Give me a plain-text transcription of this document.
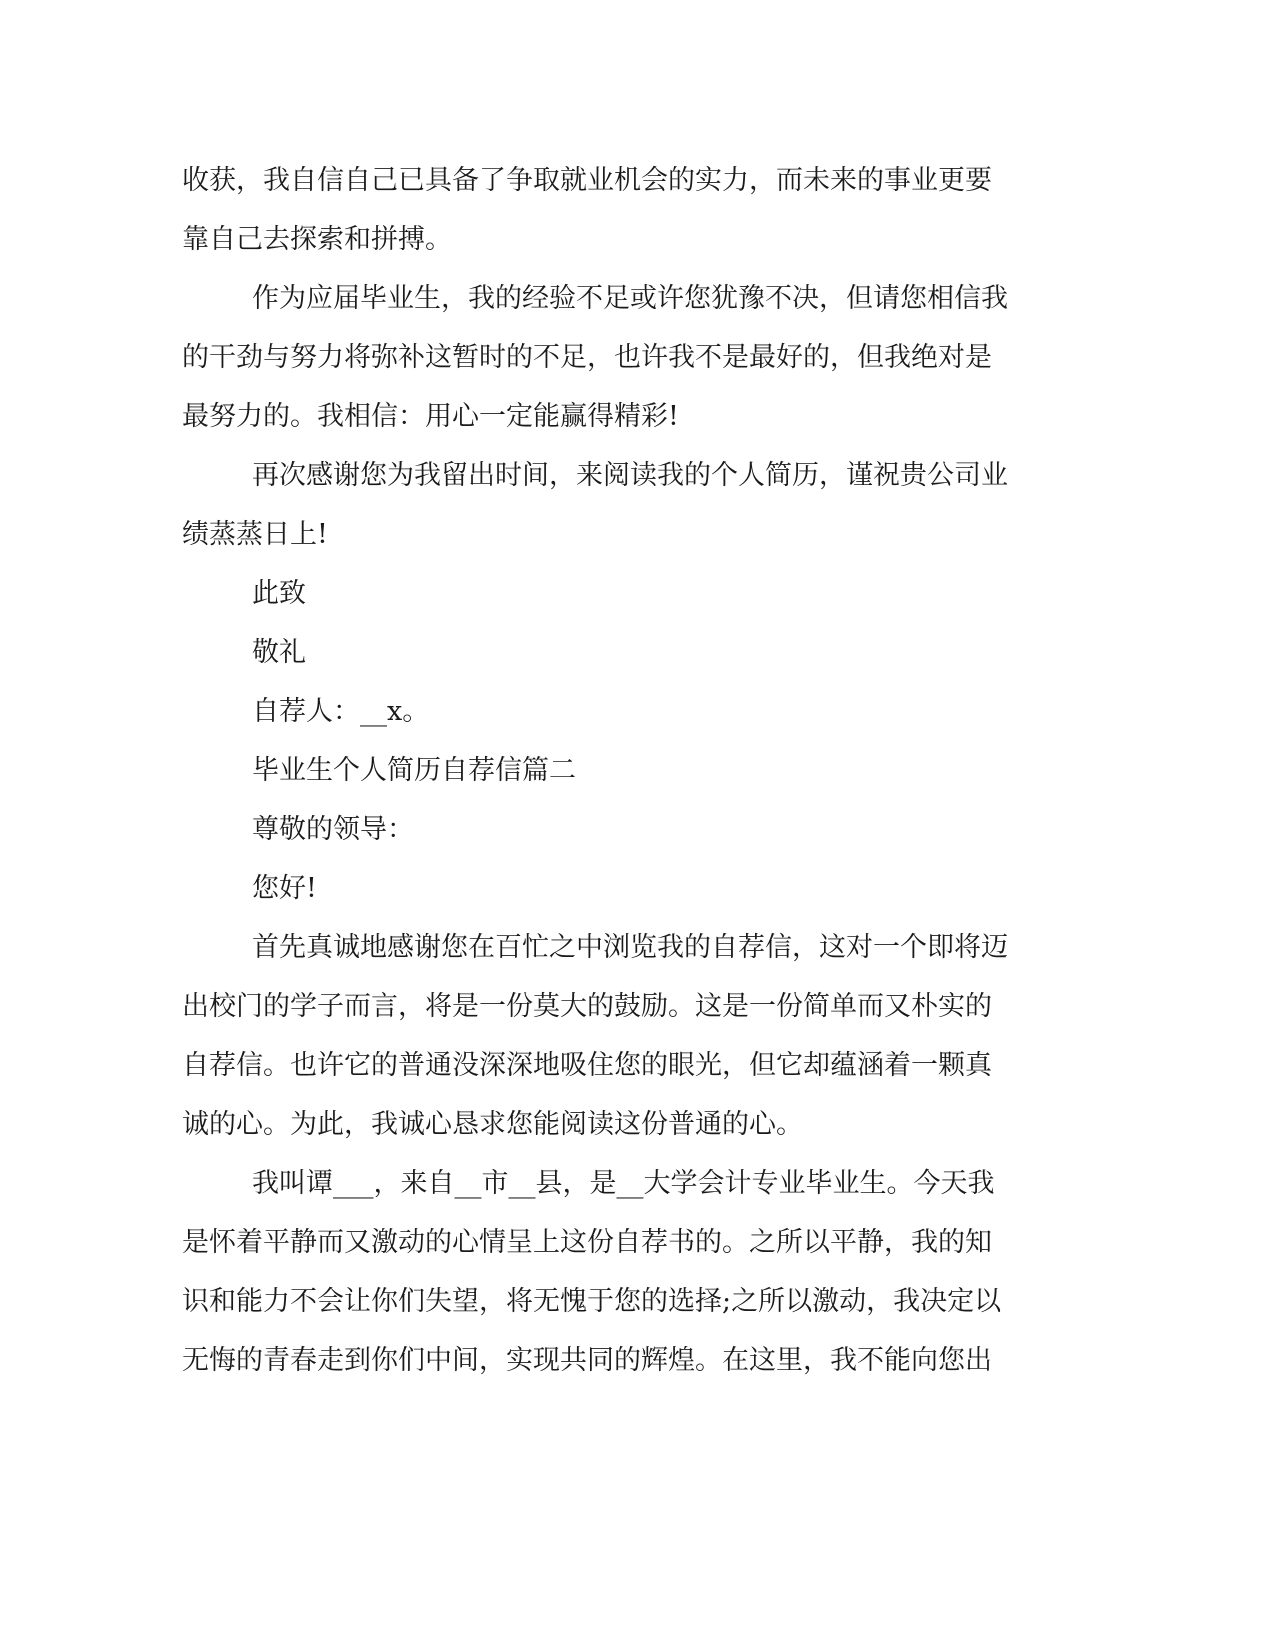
收获，我自信自己已具备了争取就业机会的实力，而未来的事业更要

靠自己去探索和拼搏。

作为应届毕业生，我的经验不足或许您犹豫不决，但请您相信我

的干劲与努力将弥补这暂时的不足，也许我不是最好的，但我绝对是

最努力的。我相信：用心一定能赢得精彩!

再次感谢您为我留出时间，来阅读我的个人简历，谨祝贵公司业

绩蒸蒸日上!

此致

敬礼

自荐人：__x。

毕业生个人简历自荐信篇二

尊敬的领导：

您好!

首先真诚地感谢您在百忙之中浏览我的自荐信，这对一个即将迈

出校门的学子而言，将是一份莫大的鼓励。这是一份简单而又朴实的

自荐信。也许它的普通没深深地吸住您的眼光，但它却蕴涵着一颗真

诚的心。为此，我诚心恳求您能阅读这份普通的心。

我叫谭___，来自__市__县，是__大学会计专业毕业生。今天我

是怀着平静而又激动的心情呈上这份自荐书的。之所以平静，我的知

识和能力不会让你们失望，将无愧于您的选择;之所以激动，我决定以

无悔的青春走到你们中间，实现共同的辉煌。在这里，我不能向您出
